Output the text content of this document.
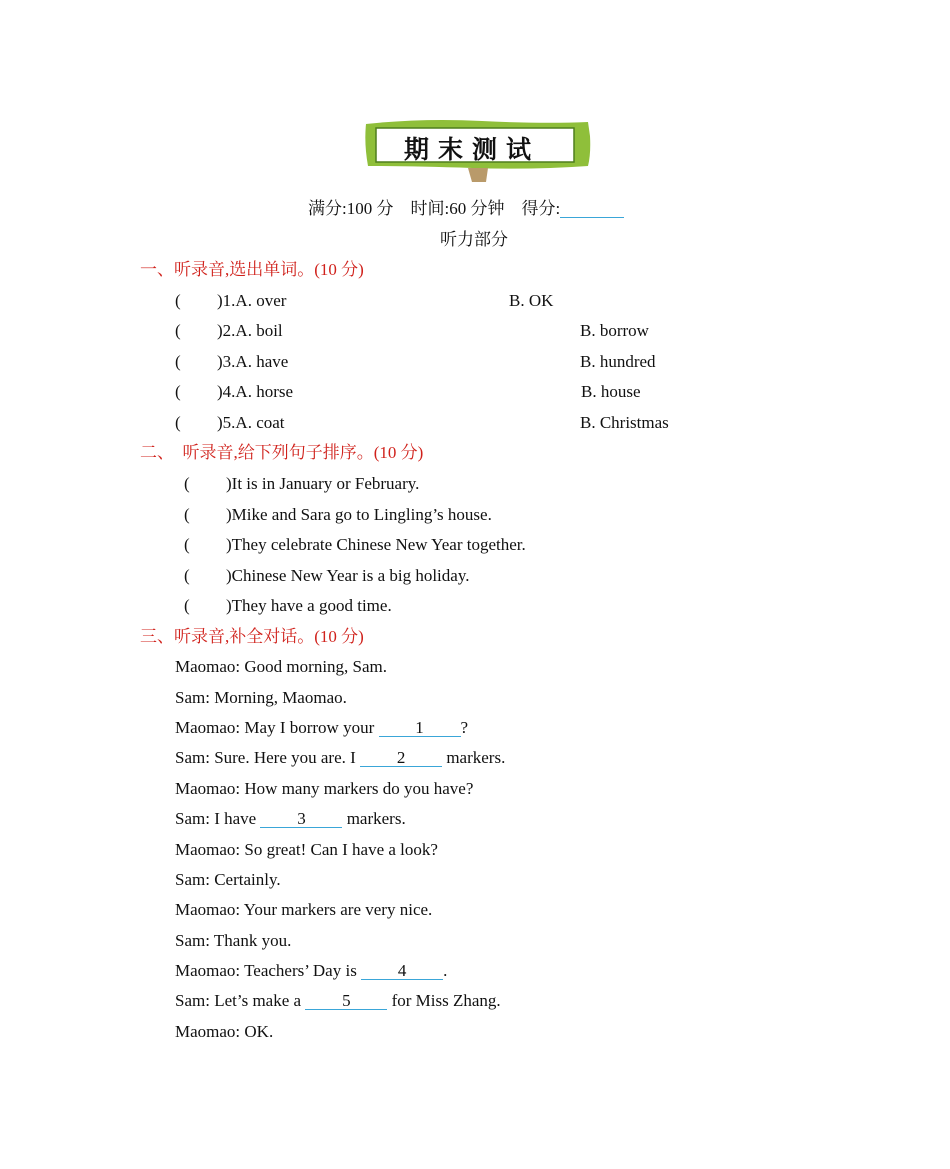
期末测试
满分:100 分　时间:60 分钟　得分:
听力部分
一、听录音,选出单词。(10 分)
( )1.A. over	B. OK
( )2.A. boil	B. borrow
( )3.A. have	B. hundred
( )4.A. horse	B. house
( )5.A. coat	B. Christmas
二、　听录音,给下列句子排序。(10 分)
( )It is in January or February.
( )Mike and Sara go to Lingling’s house.
( )They celebrate Chinese New Year together.
( )Chinese New Year is a big holiday.
( )They have a good time.
三、听录音,补全对话。(10 分)
Maomao: Good morning, Sam.
Sam: Morning, Maomao.
Maomao: May I borrow your 1 ?
Sam: Sure. Here you are. I 2 markers.
Maomao: How many markers do you have?
Sam: I have 3 markers.
Maomao: So great! Can I have a look?
Sam: Certainly.
Maomao: Your markers are very nice.
Sam: Thank you.
Maomao: Teachers’ Day is 4 .
Sam: Let’s make a 5 for Miss Zhang.
Maomao: OK.
